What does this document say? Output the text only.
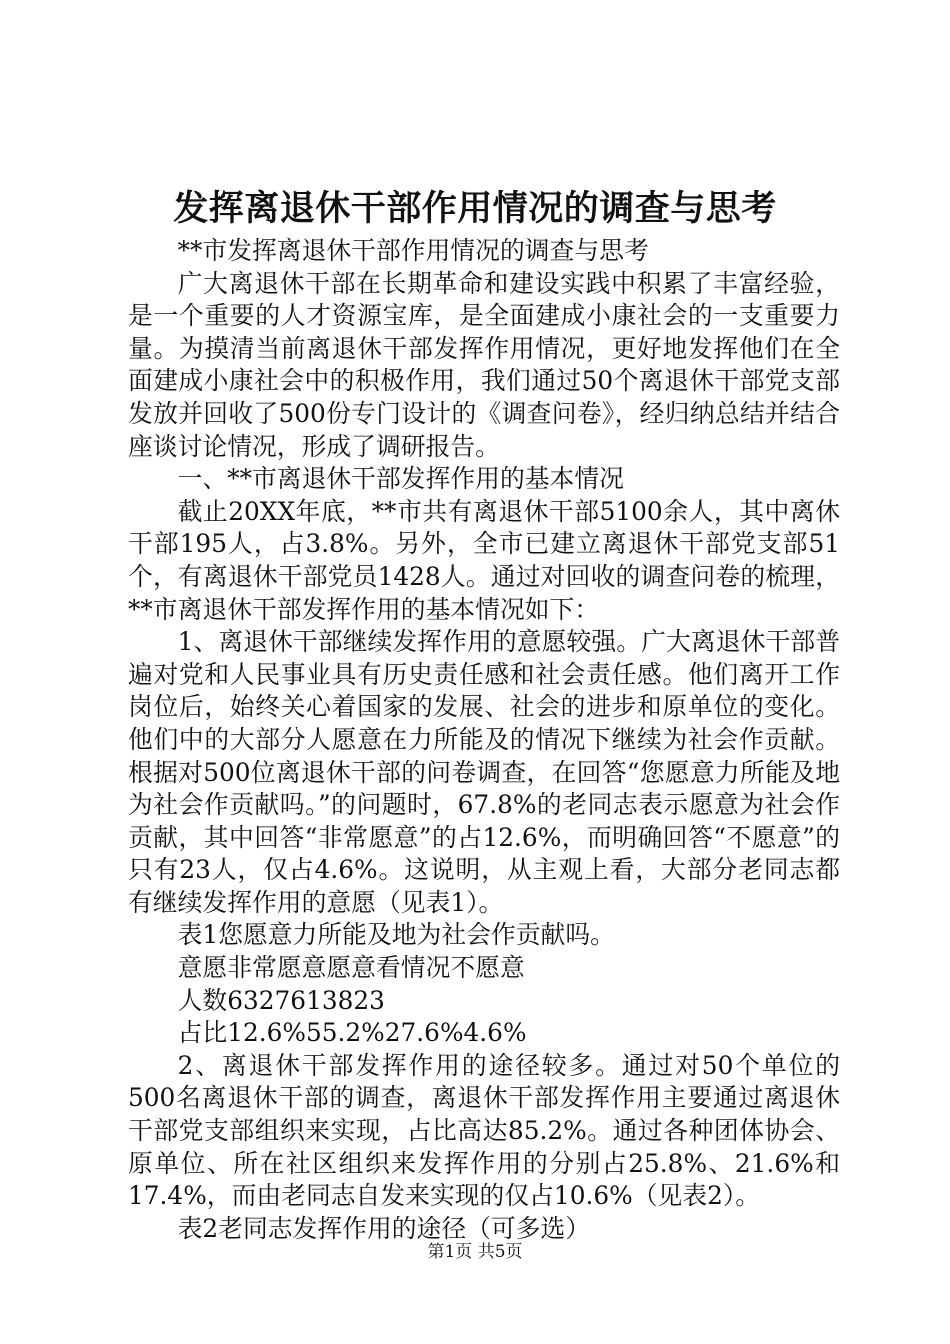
发挥离退休干部作用情况的调查与思考

**市发挥离退休干部作用情况的调查与思考

广大离退休干部在长期革命和建设实践中积累了丰富经验，是一个重要的人才资源宝库，是全面建成小康社会的一支重要力量。为摸清当前离退休干部发挥作用情况，更好地发挥他们在全面建成小康社会中的积极作用，我们通过50个离退休干部党支部发放并回收了500份专门设计的《调查问卷》，经归纳总结并结合座谈讨论情况，形成了调研报告。

一、**市离退休干部发挥作用的基本情况

截止20XX年底，**市共有离退休干部5100余人，其中离休干部195人，占3.8%。另外，全市已建立离退休干部党支部51个，有离退休干部党员1428人。通过对回收的调查问卷的梳理，**市离退休干部发挥作用的基本情况如下：

1、离退休干部继续发挥作用的意愿较强。广大离退休干部普遍对党和人民事业具有历史责任感和社会责任感。他们离开工作岗位后，始终关心着国家的发展、社会的进步和原单位的变化。他们中的大部分人愿意在力所能及的情况下继续为社会作贡献。根据对500位离退休干部的问卷调查，在回答“您愿意力所能及地为社会作贡献吗。”的问题时，67.8%的老同志表示愿意为社会作贡献，其中回答“非常愿意”的占12.6%，而明确回答“不愿意”的只有23人，仅占4.6%。这说明，从主观上看，大部分老同志都有继续发挥作用的意愿（见表1）。

表1您愿意力所能及地为社会作贡献吗。

意愿非常愿意愿意看情况不愿意

人数6327613823

占比12.6%55.2%27.6%4.6%

2、离退休干部发挥作用的途径较多。通过对50个单位的500名离退休干部的调查，离退休干部发挥作用主要通过离退休干部党支部组织来实现，占比高达85.2%。通过各种团体协会、原单位、所在社区组织来发挥作用的分别占25.8%、21.6%和17.4%，而由老同志自发来实现的仅占10.6%（见表2）。

表2老同志发挥作用的途径（可多选）

第1页 共5页
